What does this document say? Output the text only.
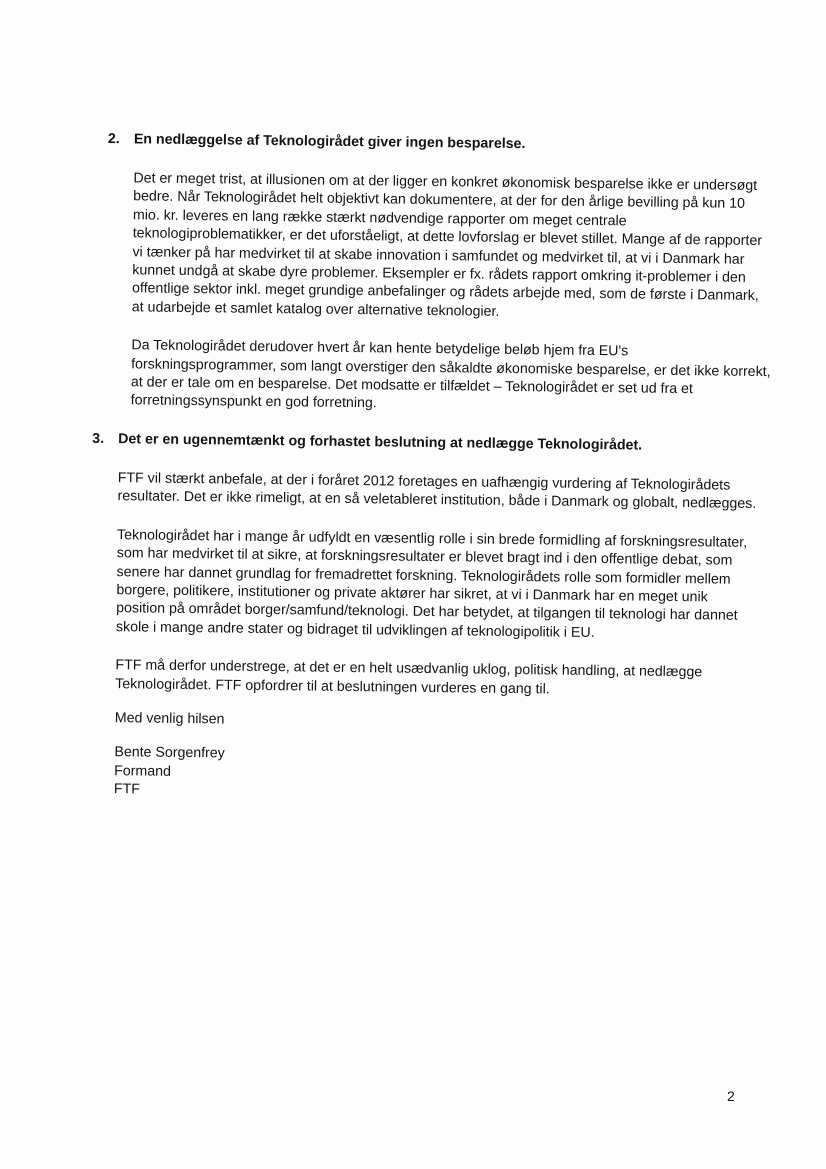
2. En nedlæggelse af Teknologirådet giver ingen besparelse.

Det er meget trist, at illusionen om at der ligger en konkret økonomisk besparelse ikke er undersøgt bedre. Når Teknologirådet helt objektivt kan dokumentere, at der for den årlige bevilling på kun 10 mio. kr. leveres en lang række stærkt nødvendige rapporter om meget centrale teknologiproblematikker, er det uforståeligt, at dette lovforslag er blevet stillet. Mange af de rapporter vi tænker på har medvirket til at skabe innovation i samfundet og medvirket til, at vi i Danmark har kunnet undgå at skabe dyre problemer. Eksempler er fx. rådets rapport omkring it-problemer i den offentlige sektor inkl. meget grundige anbefalinger og rådets arbejde med, som de første i Danmark, at udarbejde et samlet katalog over alternative teknologier.

Da Teknologirådet derudover hvert år kan hente betydelige beløb hjem fra EU's forskningsprogrammer, som langt overstiger den såkaldte økonomiske besparelse, er det ikke korrekt, at der er tale om en besparelse. Det modsatte er tilfældet – Teknologirådet er set ud fra et forretningssynspunkt en god forretning.

3. Det er en ugennemtænkt og forhastet beslutning at nedlægge Teknologirådet.

FTF vil stærkt anbefale, at der i foråret 2012 foretages en uafhængig vurdering af Teknologirådets resultater. Det er ikke rimeligt, at en så veletableret institution, både i Danmark og globalt, nedlægges.

Teknologirådet har i mange år udfyldt en væsentlig rolle i sin brede formidling af forskningsresultater, som har medvirket til at sikre, at forskningsresultater er blevet bragt ind i den offentlige debat, som senere har dannet grundlag for fremadrettet forskning. Teknologirådets rolle som formidler mellem borgere, politikere, institutioner og private aktører har sikret, at vi i Danmark har en meget unik position på området borger/samfund/teknologi. Det har betydet, at tilgangen til teknologi har dannet skole i mange andre stater og bidraget til udviklingen af teknologipolitik i EU.

FTF må derfor understrege, at det er en helt usædvanlig uklog, politisk handling, at nedlægge Teknologirådet. FTF opfordrer til at beslutningen vurderes en gang til.

Med venlig hilsen

Bente Sorgenfrey

Formand

FTF

2
